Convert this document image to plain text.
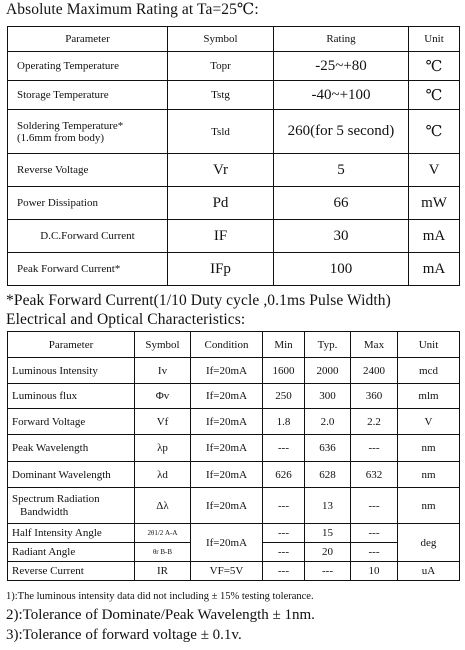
Absolute Maximum Rating at Ta=25℃:
Parameter	Symbol	Rating	Unit
Operating Temperature	Topr	-25~+80	℃
Storage Temperature	Tstg	-40~+100	℃

Soldering Temperature*
(1.6mm from body)	Tsld	260(for 5 second)	℃
Reverse Voltage	Vr	5	V
Power Dissipation	Pd	66	mW
D.C.Forward Current	IF	30	mA
Peak Forward Current*	IFp	100	mA
*Peak Forward Current(1/10 Duty cycle ,0.1ms Pulse Width)
Electrical and Optical Characteristics:
Parameter	Symbol	Condition	Min	Typ.	Max	Unit
Luminous Intensity	Iv	If=20mA	1600	2000	2400	mcd
Luminous flux	Φv	If=20mA	250	300	360	mlm
Forward Voltage	Vf	If=20mA	1.8	2.0	2.2	V
Peak Wavelength	λp	If=20mA	---	636	---	nm
Dominant Wavelength	λd	If=20mA	626	628	632	nm

Spectrum Radiation
Bandwidth	Δλ	If=20mA	---	13	---	nm
Half Intensity Angle	2θ1/2 A-A	If=20mA	---	15	---	deg
Radiant Angle	θr B-B		---	20	---	
Reverse Current	IR	VF=5V	---	---	10	uA
1):The luminous intensity data did not including ± 15% testing tolerance.
2):Tolerance of Dominate/Peak Wavelength ± 1nm.
3):Tolerance of forward voltage ± 0.1v.
